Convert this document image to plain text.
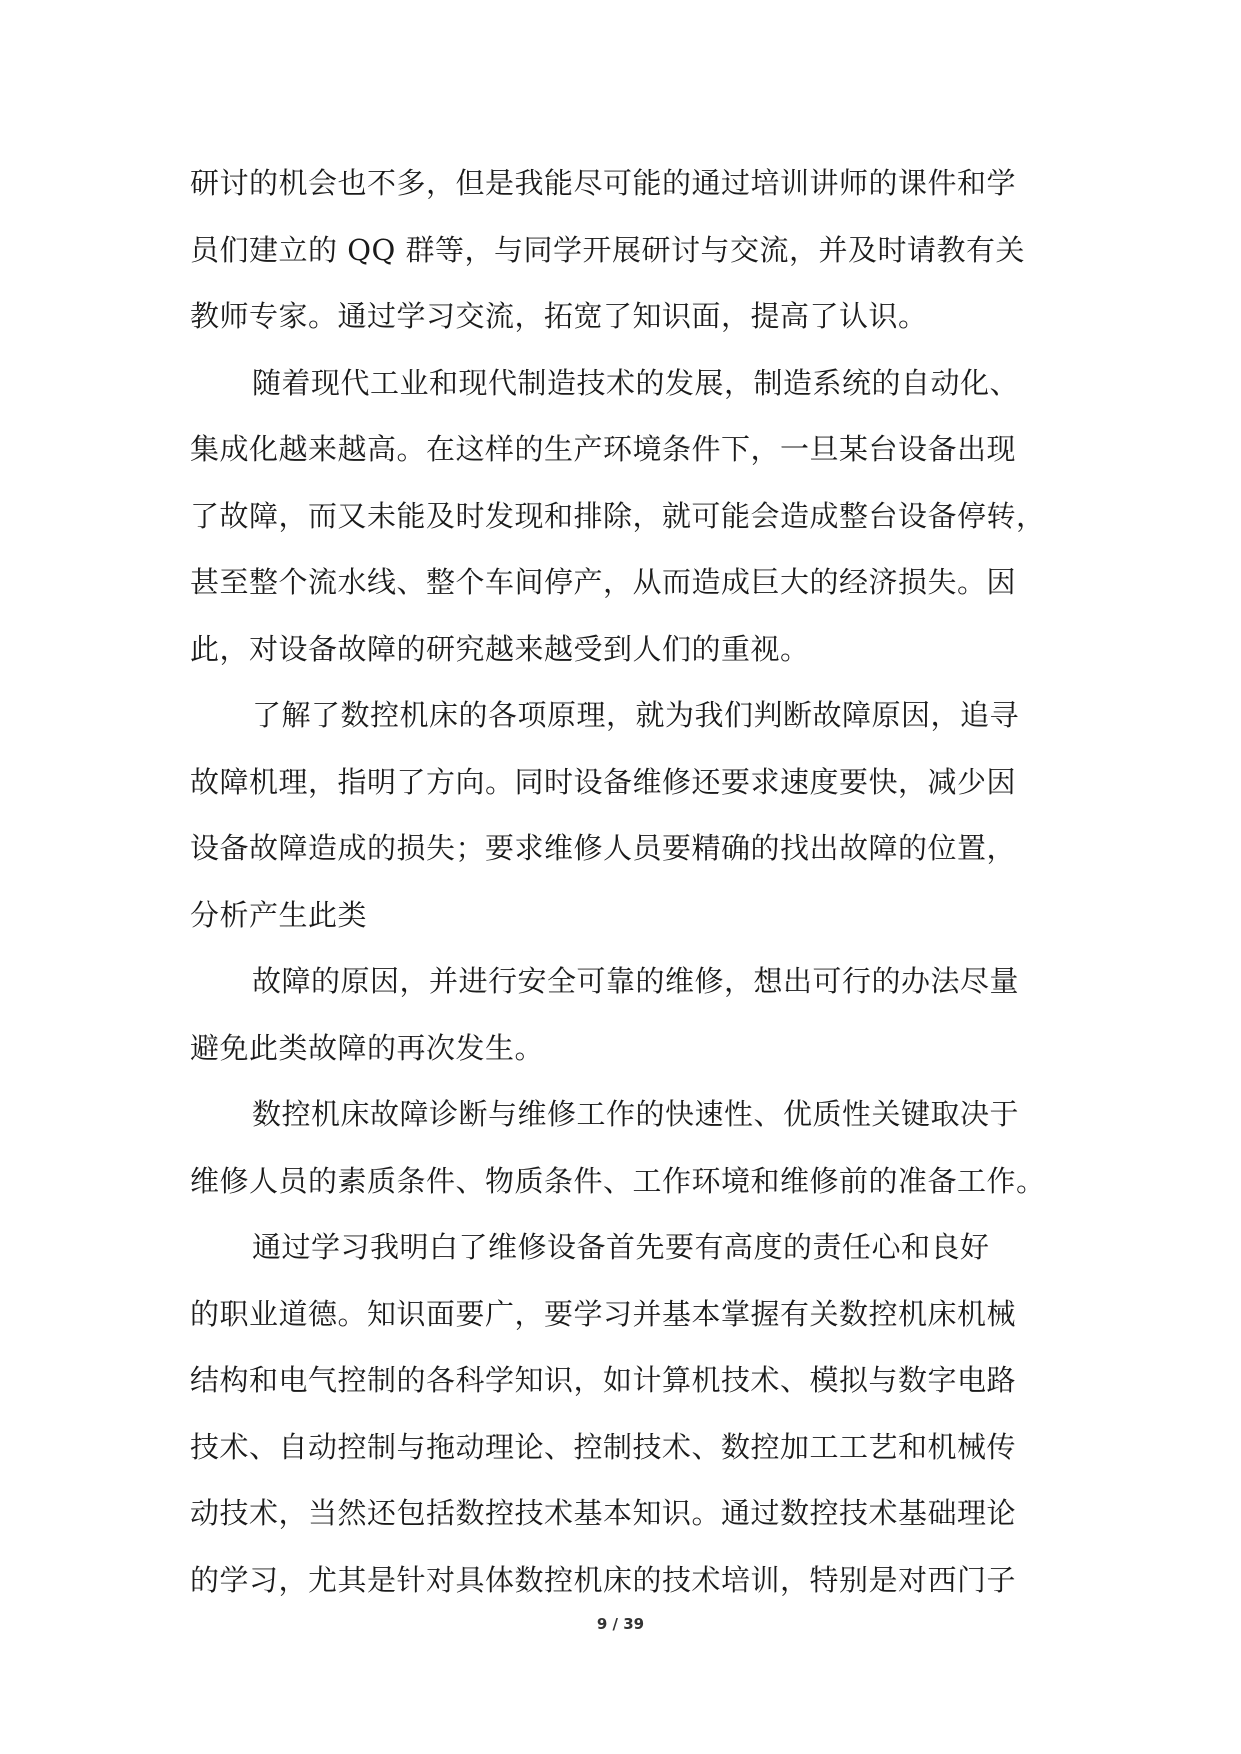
研讨的机会也不多，但是我能尽可能的通过培训讲师的课件和学
员们建立的 QQ 群等，与同学开展研讨与交流，并及时请教有关
教师专家。通过学习交流，拓宽了知识面，提高了认识。
随着现代工业和现代制造技术的发展，制造系统的自动化、
集成化越来越高。在这样的生产环境条件下，一旦某台设备出现
了故障，而又未能及时发现和排除，就可能会造成整台设备停转，
甚至整个流水线、整个车间停产，从而造成巨大的经济损失。因
此，对设备故障的研究越来越受到人们的重视。
了解了数控机床的各项原理，就为我们判断故障原因，追寻
故障机理，指明了方向。同时设备维修还要求速度要快，减少因
设备故障造成的损失；要求维修人员要精确的找出故障的位置，
分析产生此类
故障的原因，并进行安全可靠的维修，想出可行的办法尽量
避免此类故障的再次发生。
数控机床故障诊断与维修工作的快速性、优质性关键取决于
维修人员的素质条件、物质条件、工作环境和维修前的准备工作。
通过学习我明白了维修设备首先要有高度的责任心和良好
的职业道德。知识面要广，要学习并基本掌握有关数控机床机械
结构和电气控制的各科学知识，如计算机技术、模拟与数字电路
技术、自动控制与拖动理论、控制技术、数控加工工艺和机械传
动技术，当然还包括数控技术基本知识。通过数控技术基础理论
的学习，尤其是针对具体数控机床的技术培训，特别是对西门子
9 / 39
